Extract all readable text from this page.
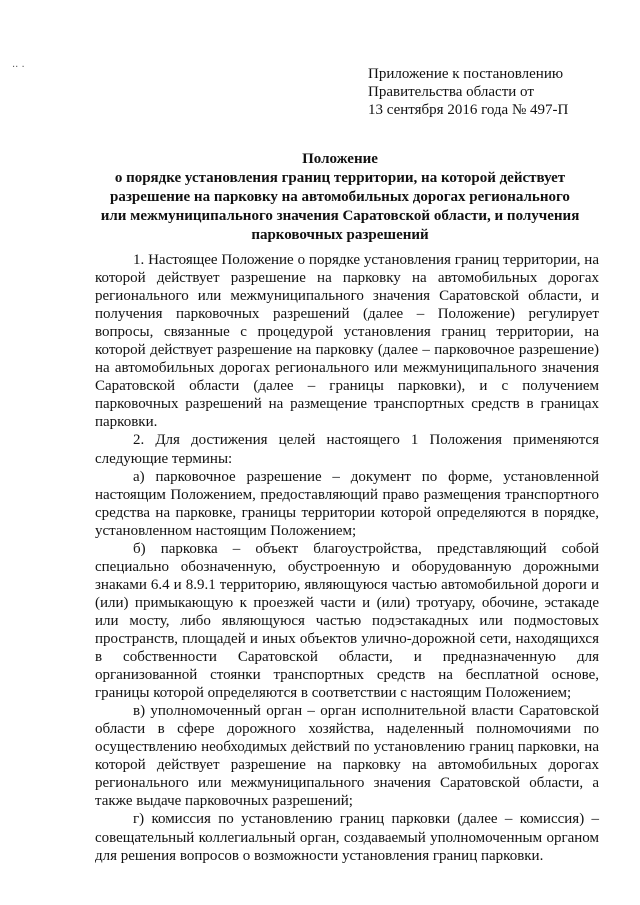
·· ·	Приложение к постановлению
Правительства области от
13 сентября 2016 года № 497-П
Положение
о порядке установления границ территории, на которой действует
разрешение на парковку на автомобильных дорогах регионального
или межмуниципального значения Саратовской области, и получения
парковочных разрешений

1. Настоящее Положение о порядке установления границ территории, на которой действует разрешение на парковку на автомобильных дорогах регионального или межмуниципального значения Саратовской области, и получения парковочных разрешений (далее – Положение) регулирует вопросы, связанные с процедурой установления границ территории, на которой действует разрешение на парковку (далее – парковочное разрешение) на автомобильных дорогах регионального или межмуниципального значения Саратовской области (далее – границы парковки), и с получением парковочных разрешений на размещение транспортных средств в границах парковки.

2. Для достижения целей настоящего 1 Положения применяются следующие термины:

а) парковочное разрешение – документ по форме, установленной настоящим Положением, предоставляющий право размещения транспортного средства на парковке, границы территории которой определяются в порядке, установленном настоящим Положением;

б) парковка – объект благоустройства, представляющий собой специально обозначенную, обустроенную и оборудованную дорожными знаками 6.4 и 8.9.1 территорию, являющуюся частью автомобильной дороги и (или) примыкающую к проезжей части и (или) тротуару, обочине, эстакаде или мосту, либо являющуюся частью подэстакадных или подмостовых пространств, площадей и иных объектов улично-дорожной сети, находящихся в собственности Саратовской области, и предназначенную для организованной стоянки транспортных средств на бесплатной основе, границы которой определяются в соответствии с настоящим Положением;

в) уполномоченный орган – орган исполнительной власти Саратовской области в сфере дорожного хозяйства, наделенный полномочиями по осуществлению необходимых действий по установлению границ парковки, на которой действует разрешение на парковку на автомобильных дорогах регионального или межмуниципального значения Саратовской области, а также выдаче парковочных разрешений;

г) комиссия по установлению границ парковки (далее – комиссия) – совещательный коллегиальный орган, создаваемый уполномоченным органом для решения вопросов о возможности установления границ парковки.
